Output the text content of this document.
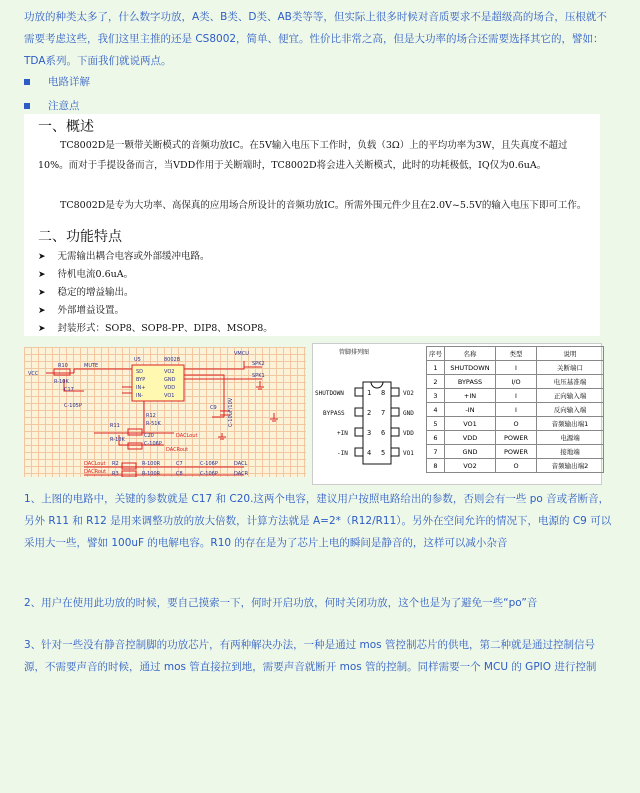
功放的种类太多了，什么数字功放，A类、B类、D类、AB类等等，但实际上很多时候对音质要求不是超级高的场合，压根就不需要考虑这些，我们这里主推的还是 CS8002，简单、便宜。性价比非常之高，但是大功率的场合还需要选择其它的，譬如：TDA系列。下面我们就说两点。
电路详解
注意点
一、概述

TC8002D是一颗带关断模式的音频功放IC。在5V输入电压下工作时，负载（3Ω）上的平均功率为3W，且失真度不超过10%。而对于手提设备而言，当VDD作用于关断端时，TC8002D将会进入关断模式，此时的功耗极低，IQ仅为0.6uA。

TC8002D是专为大功率、高保真的应用场合所设计的音频功放IC。所需外围元件少且在2.0V~5.5V的输入电压下即可工作。

二、功能特点
➤ 无需输出耦合电容或外部缓冲电路。
➤ 待机电流0.6uA。
➤ 稳定的增益输出。
➤ 外部增益设置。
➤ 封装形式：SOP8、SOP8-PP、DIP8、MSOP8。
VCC
R10
R-10K
MUTE
C17
C-105P
U5	8002B
SD
BYP
IN+
IN-
VO2
GND
VDD
VO1
VMCU
SPK2
SPK1
C9 C-10uF/10V
R11
R-10K
R12
R-51K
C20
C-106P
DACLout
DACRout
DACLout
DACRout
R2	R-100R	C7	C-106P	DACL
R3	R-100R	C8	C-106P	DACR
管脚排列图
SHUTDOWN
BYPASS
+IN
-IN
1
2
3
4
8
7
6
5
VO2
GND
VDD
VO1
序号	名称	类型	说明
1	SHUTDOWN	I	关断端口
2	BYPASS	I/O	电压基准端
3	+IN	I	正向输入端
4	-IN	I	反向输入端
5	VO1	O	音频输出端1
6	VDD	POWER	电源端
7	GND	POWER	接地端
8	VO2	O	音频输出端2
1、上图的电路中，关键的参数就是 C17 和 C20.这两个电容，建议用户按照电路给出的参数，否则会有一些 po 音或者断音，另外 R11 和 R12 是用来调整功放的放大倍数，计算方法就是 A=2*（R12/R11）。另外在空间允许的情况下，电源的 C9 可以采用大一些，譬如 100uF 的电解电容。R10 的存在是为了芯片上电的瞬间是静音的，这样可以减小杂音
2、用户在使用此功放的时候，要自己摸索一下，何时开启功放，何时关闭功放，这个也是为了避免一些“po”音
3、针对一些没有静音控制脚的功放芯片，有两种解决办法，一种是通过 mos 管控制芯片的供电，第二种就是通过控制信号源，不需要声音的时候，通过 mos 管直接拉到地，需要声音就断开 mos 管的控制。同样需要一个 MCU 的 GPIO 进行控制
